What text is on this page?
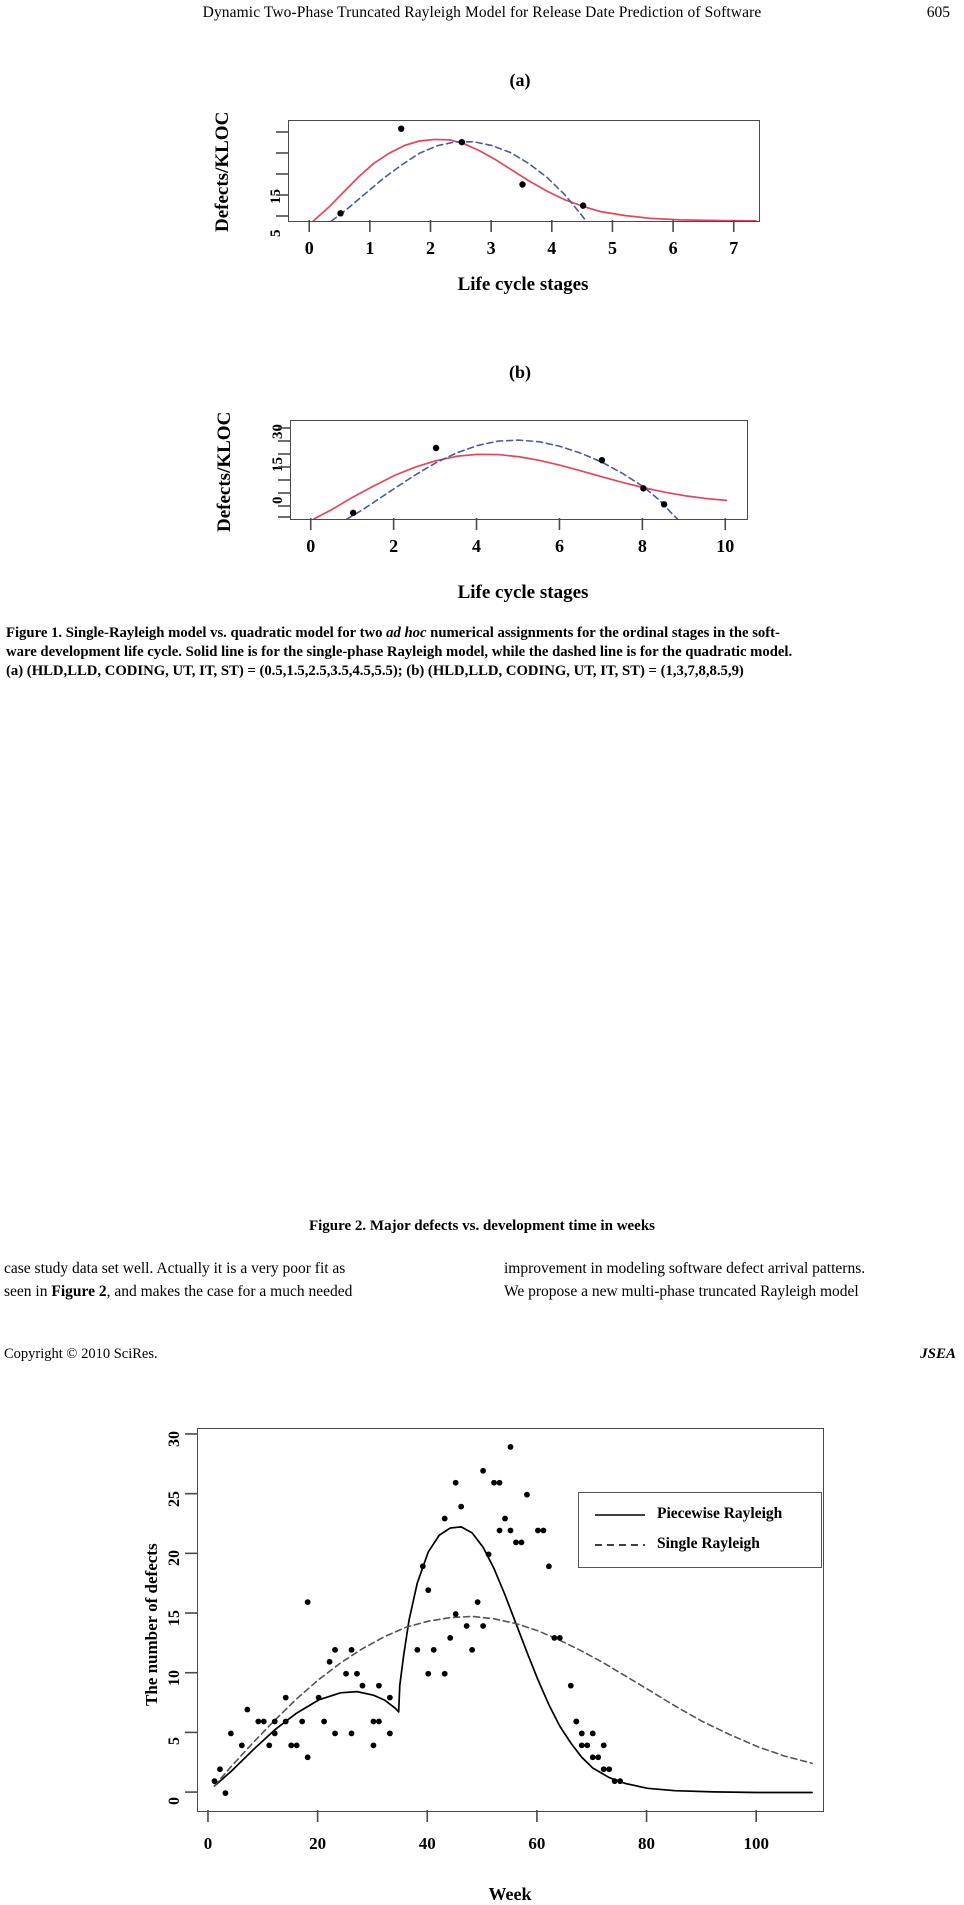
Dynamic Two-Phase Truncated Rayleigh Model for Release Date Prediction of Software	605
(a)
Defects/KLOC 15
5
0	1	2	3	4	5	6	7
Life cycle stages
(b)
Defects/KLOC 30
15
0
0	2	4	6	8	10
Life cycle stages
Figure 1. Single-Rayleigh model vs. quadratic model for two ad hoc numerical assignments for the ordinal stages in the soft-
ware development life cycle. Solid line is for the single-phase Rayleigh model, while the dashed line is for the quadratic model.
(a) (HLD,LLD, CODING, UT, IT, ST) = (0.5,1.5,2.5,3.5,4.5,5.5); (b) (HLD,LLD, CODING, UT, IT, ST) = (1,3,7,8,8.5,9)
The number of defects
0
5
10
15
20
25
30
0	20	40	60	80	100
Week
Piecewise Rayleigh
Single Rayleigh
Figure 2. Major defects vs. development time in weeks
case study data set well. Actually it is a very poor fit as
seen in Figure 2, and makes the case for a much needed
improvement in modeling software defect arrival patterns.
We propose a new multi-phase truncated Rayleigh model
Copyright © 2010 SciRes.	JSEA
